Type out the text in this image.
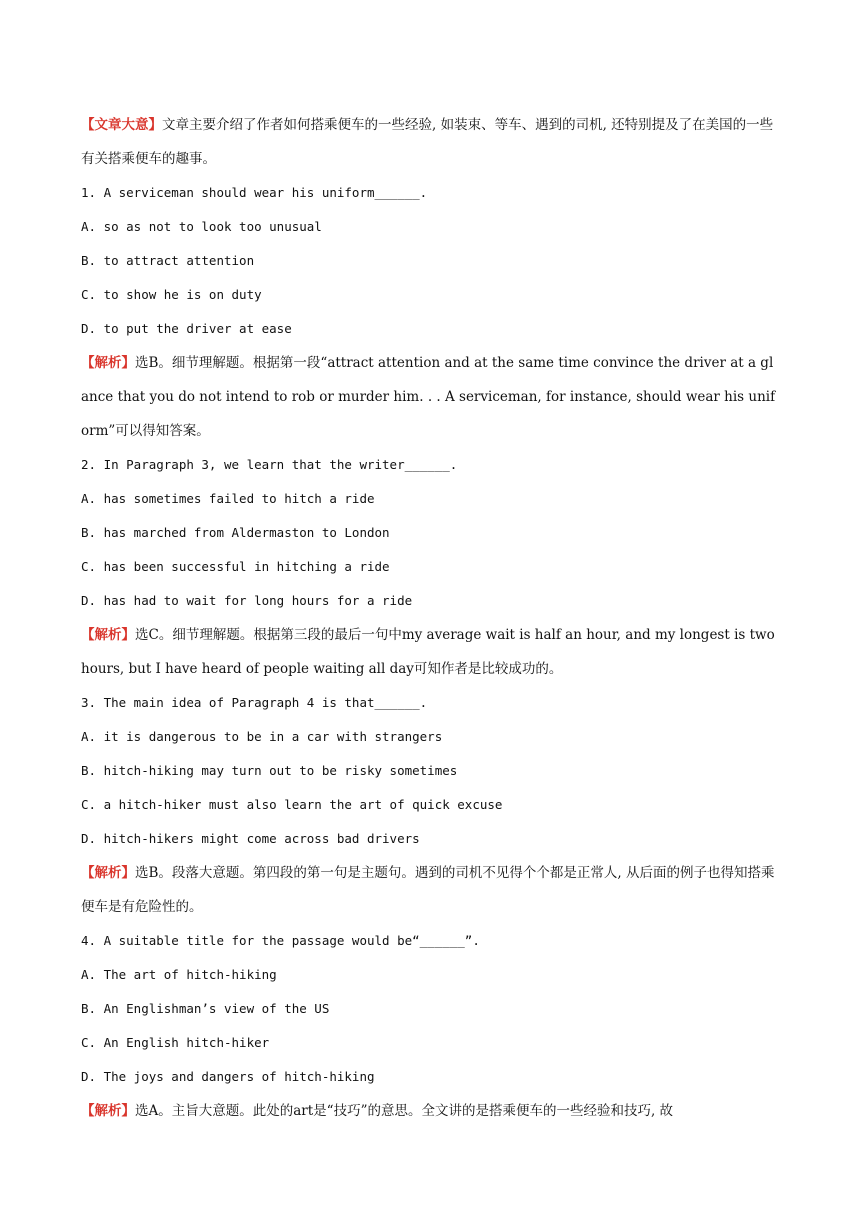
【文章大意】文章主要介绍了作者如何搭乘便车的一些经验, 如装束、等车、遇到的司机, 还特别提及了在美国的一些有关搭乘便车的趣事。
1. A serviceman should wear his uniform______.
A. so as not to look too unusual
B. to attract attention
C. to show he is on duty
D. to put the driver at ease
【解析】选B。细节理解题。根据第一段“attract attention and at the same time convince the driver at a glance that you do not intend to rob or murder him. . . A serviceman, for instance, should wear his uniform”可以得知答案。
2. In Paragraph 3, we learn that the writer______.
A. has sometimes failed to hitch a ride
B. has marched from Aldermaston to London
C. has been successful in hitching a ride
D. has had to wait for long hours for a ride
【解析】选C。细节理解题。根据第三段的最后一句中my average wait is half an hour, and my longest is two hours, but I have heard of people waiting all day可知作者是比较成功的。
3. The main idea of Paragraph 4 is that______.
A. it is dangerous to be in a car with strangers
B. hitch-hiking may turn out to be risky sometimes
C. a hitch-hiker must also learn the art of quick excuse
D. hitch-hikers might come across bad drivers
【解析】选B。段落大意题。第四段的第一句是主题句。遇到的司机不见得个个都是正常人, 从后面的例子也得知搭乘便车是有危险性的。
4. A suitable title for the passage would be“______”.
A. The art of hitch-hiking
B. An Englishman’s view of the US
C. An English hitch-hiker
D. The joys and dangers of hitch-hiking
【解析】选A。主旨大意题。此处的art是“技巧”的意思。全文讲的是搭乘便车的一些经验和技巧, 故
